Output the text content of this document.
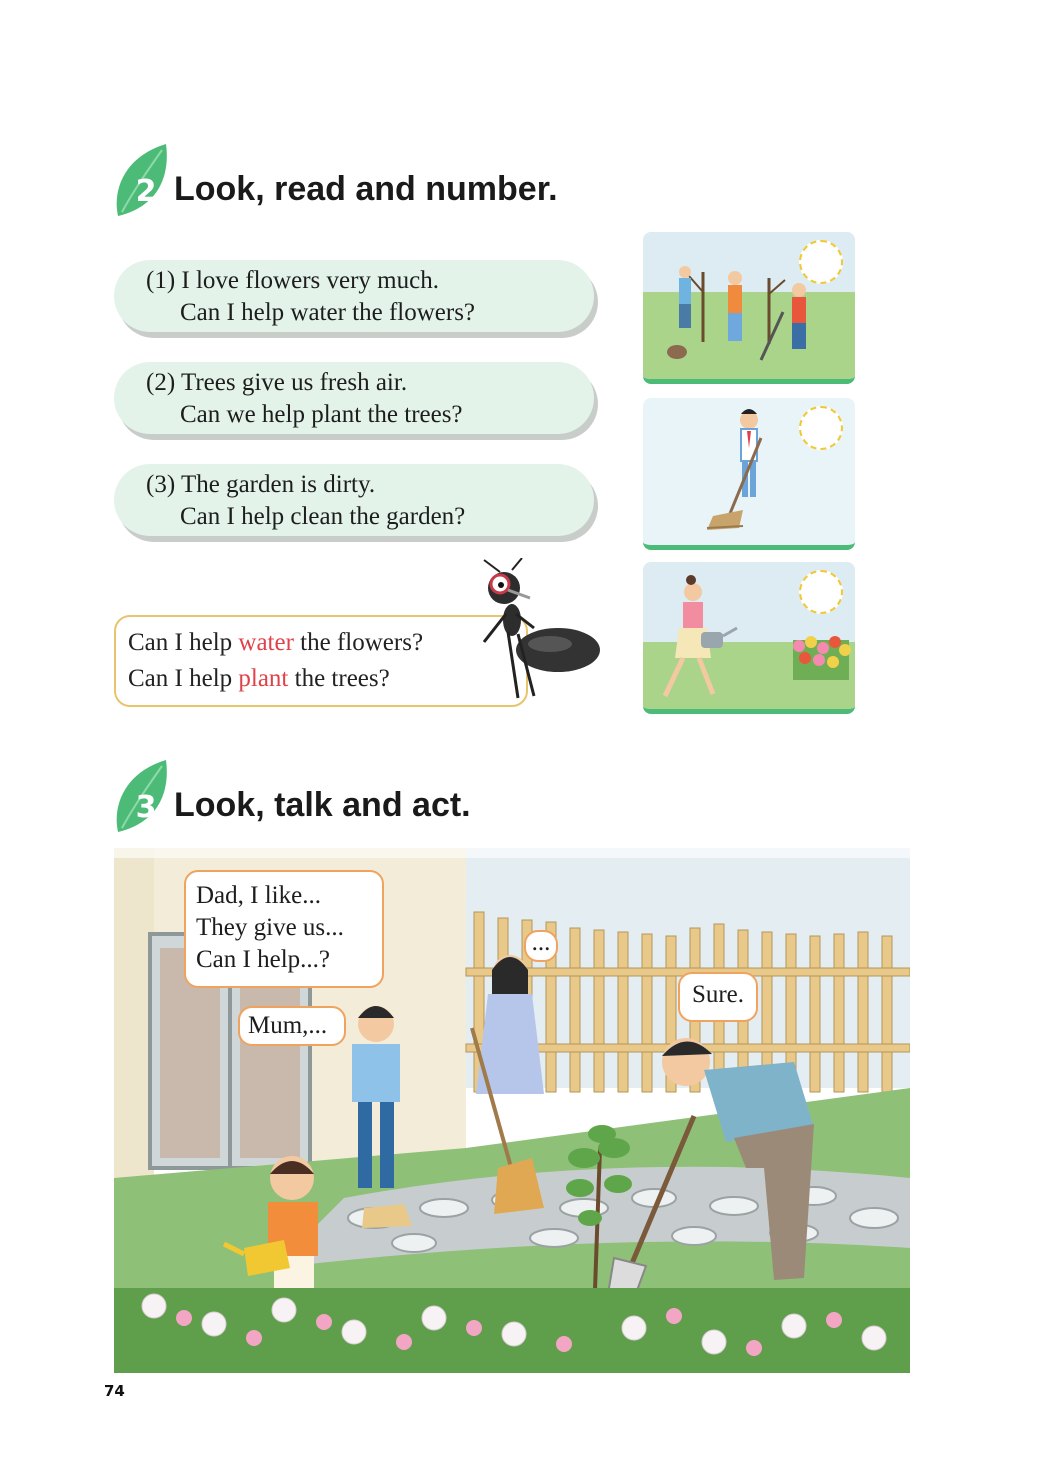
2 Look, read and number.
(1) I love flowers very much.
Can I help water the flowers?
(2) Trees give us fresh air.
Can we help plant the trees?
(3) The garden is dirty.
Can I help clean the garden?
Can I help water the flowers?
Can I help plant the trees?
3 Look, talk and act.
Dad, I like...
They give us...
Can I help...?
Mum,...
...
Sure.
74
